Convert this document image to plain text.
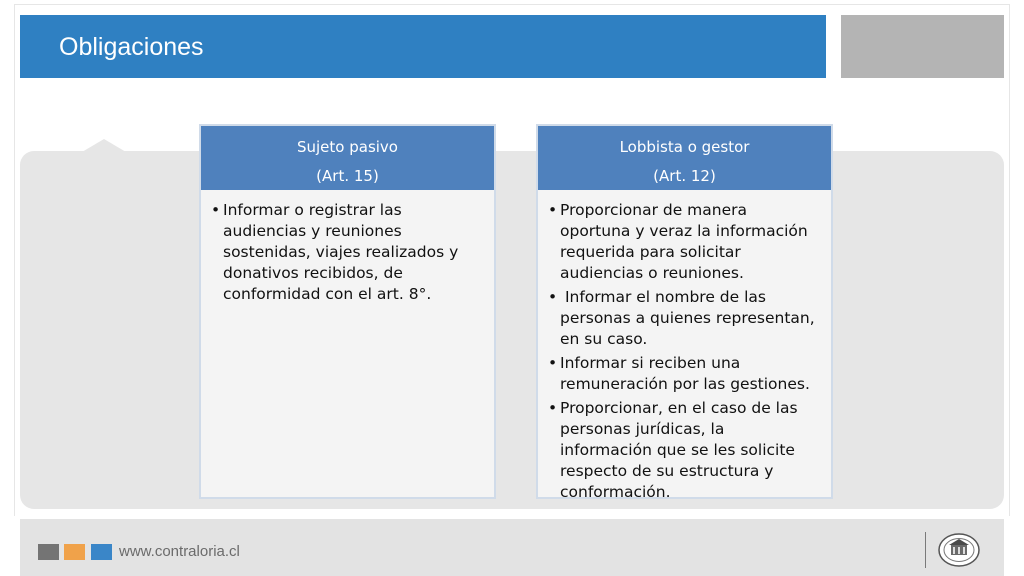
Obligaciones
Sujeto pasivo
(Art. 15)
• Informar o registrar las audiencias y reuniones sostenidas, viajes realizados y donativos recibidos, de conformidad con el art. 8°.
Lobbista o gestor
(Art. 12)
• Proporcionar de manera oportuna y veraz la información requerida para solicitar audiencias o reuniones.
• Informar el nombre de las personas a quienes representan, en su caso.
• Informar si reciben una remuneración por las gestiones.
• Proporcionar, en el caso de las personas jurídicas, la información que se les solicite respecto de su estructura y conformación.
www.contraloria.cl
